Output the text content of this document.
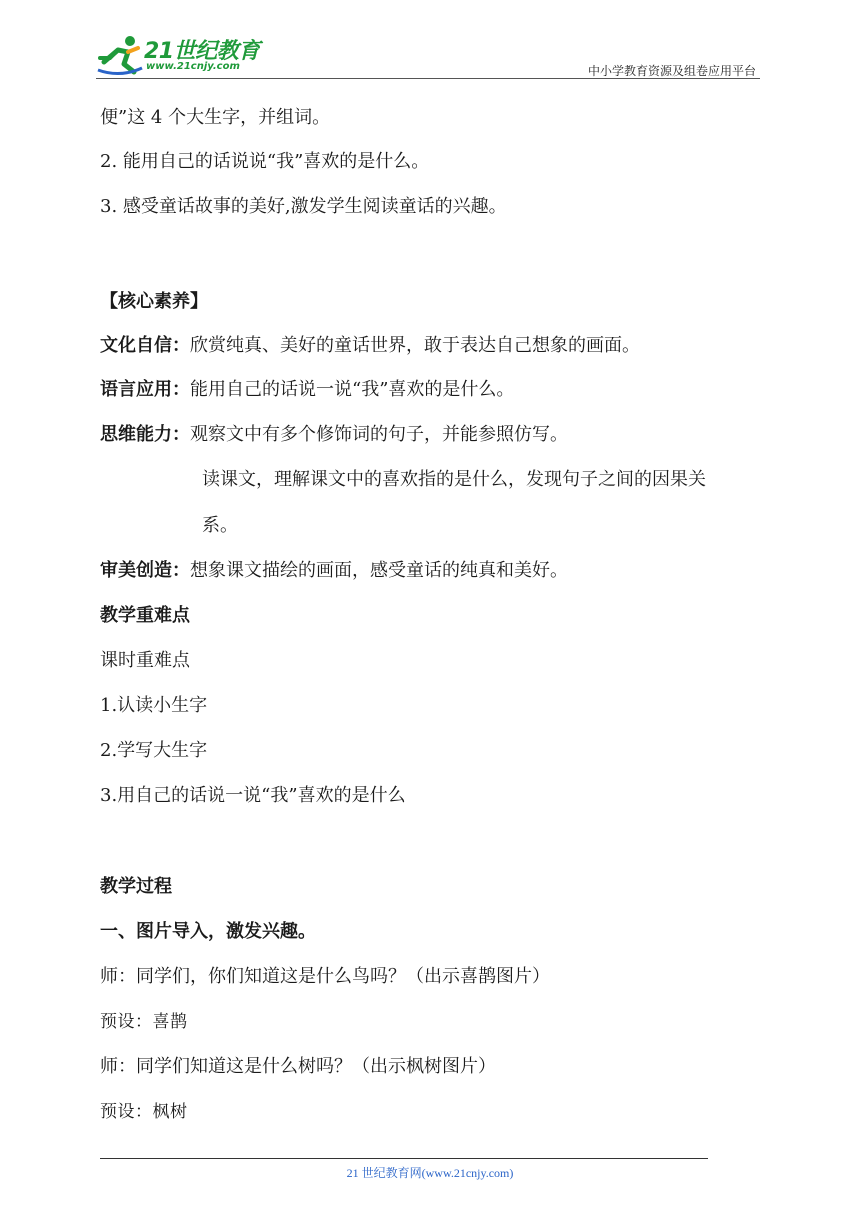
21世纪教育
www.21cnjy.com	中小学教育资源及组卷应用平台
便”这 4 个大生字，并组词。
2. 能用自己的话说说“我”喜欢的是什么。
3. 感受童话故事的美好,激发学生阅读童话的兴趣。
【核心素养】
文化自信：欣赏纯真、美好的童话世界，敢于表达自己想象的画面。
语言应用：能用自己的话说一说“我”喜欢的是什么。
思维能力：观察文中有多个修饰词的句子，并能参照仿写。
读课文，理解课文中的喜欢指的是什么，发现句子之间的因果关
系。
审美创造：想象课文描绘的画面，感受童话的纯真和美好。
教学重难点
课时重难点
1.认读小生字
2.学写大生字
3.用自己的话说一说“我”喜欢的是什么
教学过程
一、图片导入，激发兴趣。
师：同学们，你们知道这是什么鸟吗？（出示喜鹊图片）
预设：喜鹊
师：同学们知道这是什么树吗？（出示枫树图片）
预设：枫树
21 世纪教育网(www.21cnjy.com)
